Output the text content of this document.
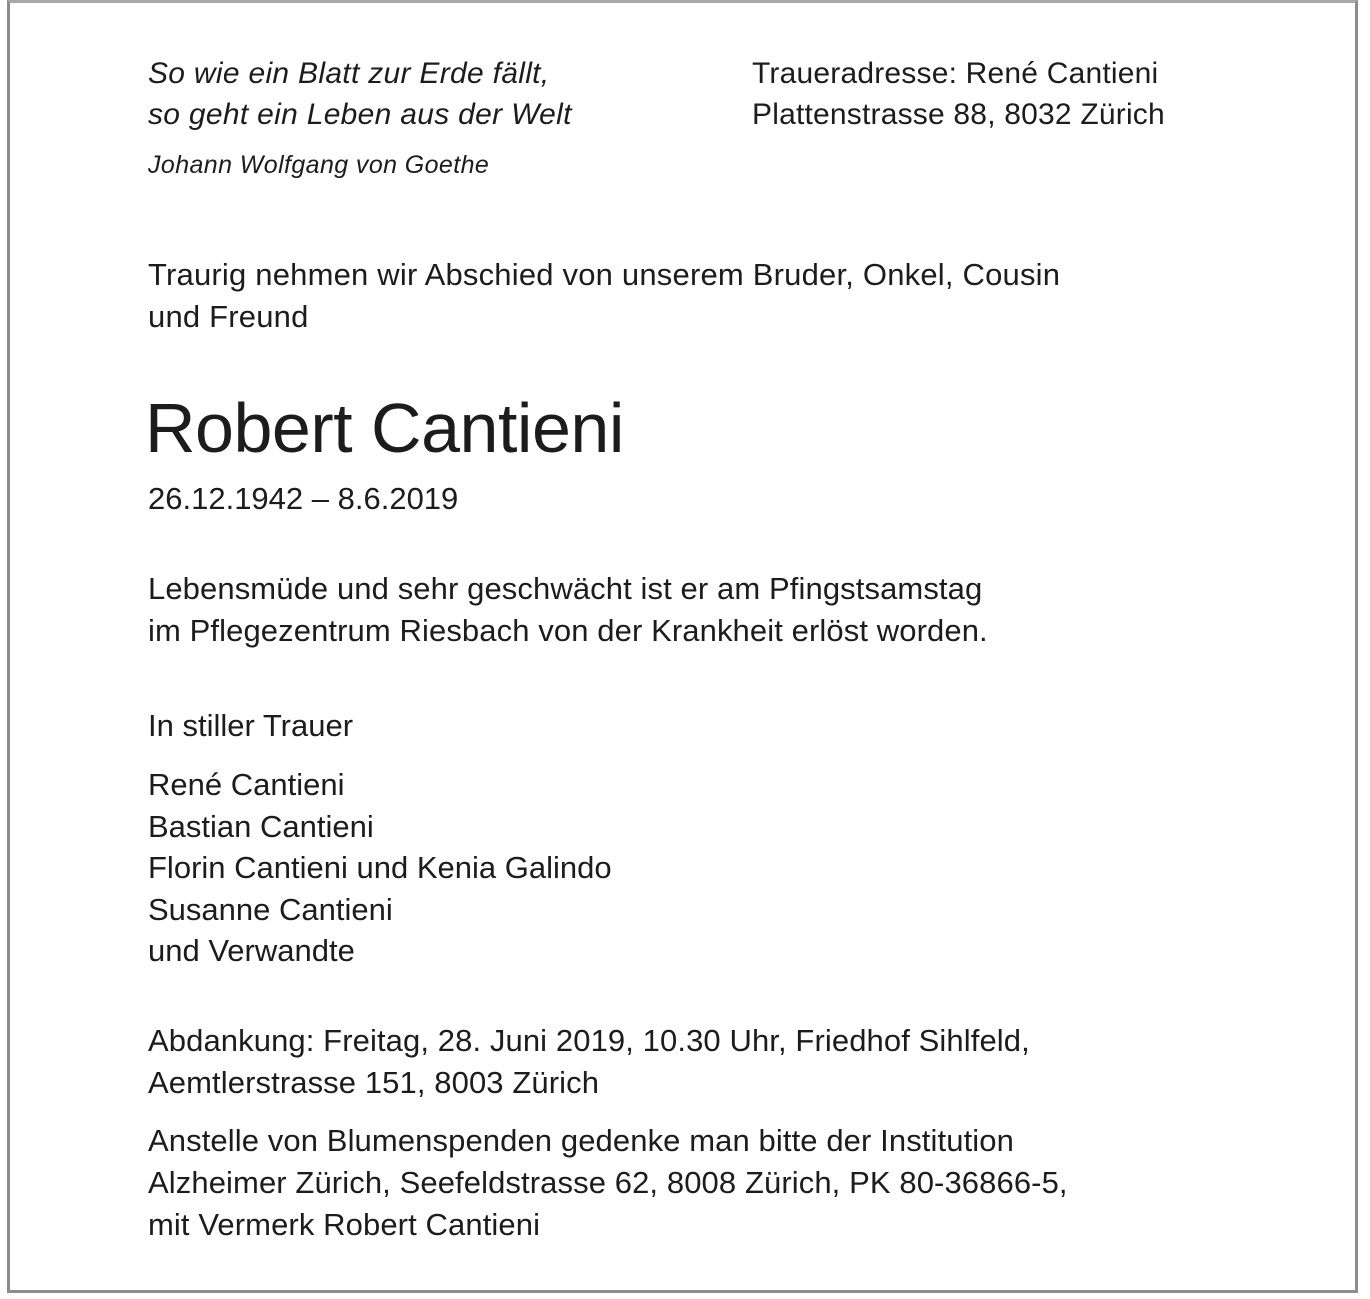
So wie ein Blatt zur Erde fällt,
so geht ein Leben aus der Welt

Johann Wolfgang von Goethe

Traueradresse: René Cantieni
Plattenstrasse 88, 8032 Zürich
Traurig nehmen wir Abschied von unserem Bruder, Onkel, Cousin
und Freund
Robert Cantieni

26.12.1942 – 8.6.2019

Lebensmüde und sehr geschwächt ist er am Pfingstsamstag
im Pflegezentrum Riesbach von der Krankheit erlöst worden.

In stiller Trauer

René Cantieni
Bastian Cantieni
Florin Cantieni und Kenia Galindo
Susanne Cantieni
und Verwandte
Abdankung: Freitag, 28. Juni 2019, 10.30 Uhr, Friedhof Sihlfeld,
Aemtlerstrasse 151, 8003 Zürich
Anstelle von Blumenspenden gedenke man bitte der Institution
Alzheimer Zürich, Seefeldstrasse 62, 8008 Zürich, PK 80-36866-5,
mit Vermerk Robert Cantieni
